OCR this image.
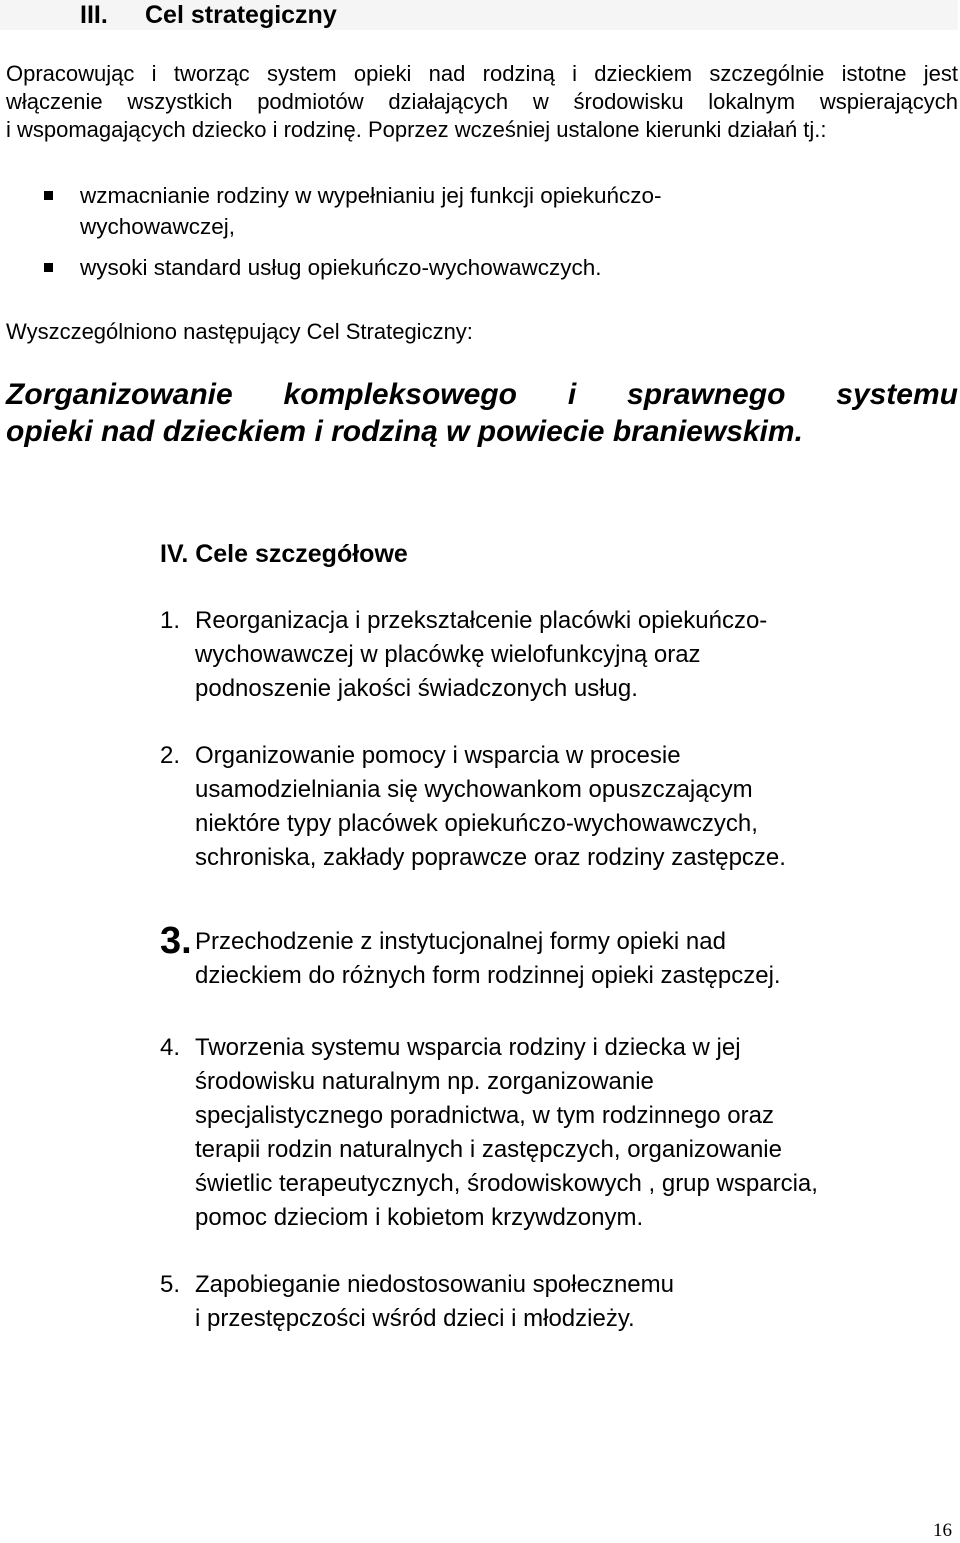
III. Cel strategiczny
Opracowując i tworząc system opieki nad rodziną i dzieckiem szczególnie istotne jest
włączenie wszystkich podmiotów działających w środowisku lokalnym wspierających
i wspomagających dziecko i rodzinę. Poprzez wcześniej ustalone kierunki działań tj.:
wzmacnianie rodziny w wypełnianiu jej funkcji opiekuńczo-
wychowawczej,
wysoki standard usług opiekuńczo-wychowawczych.
Wyszczególniono następujący Cel Strategiczny:
Zorganizowanie kompleksowego i sprawnego systemu
opieki nad dzieckiem i rodziną w powiecie braniewskim.
IV. Cele szczegółowe
1. Reorganizacja i przekształcenie placówki opiekuńczo-
wychowawczej w placówkę wielofunkcyjną oraz
podnoszenie jakości świadczonych usług.
2. Organizowanie pomocy i wsparcia w procesie
usamodzielniania się wychowankom opuszczającym
niektóre typy placówek opiekuńczo-wychowawczych,
schroniska, zakłady poprawcze oraz rodziny zastępcze.
3. Przechodzenie z instytucjonalnej formy opieki nad
dzieckiem do różnych form rodzinnej opieki zastępczej.
4. Tworzenia systemu wsparcia rodziny i dziecka w jej
środowisku naturalnym np. zorganizowanie
specjalistycznego poradnictwa, w tym rodzinnego oraz
terapii rodzin naturalnych i zastępczych, organizowanie
świetlic terapeutycznych, środowiskowych , grup wsparcia,
pomoc dzieciom i kobietom krzywdzonym.
5. Zapobieganie niedostosowaniu społecznemu
i przestępczości wśród dzieci i młodzieży.
16
